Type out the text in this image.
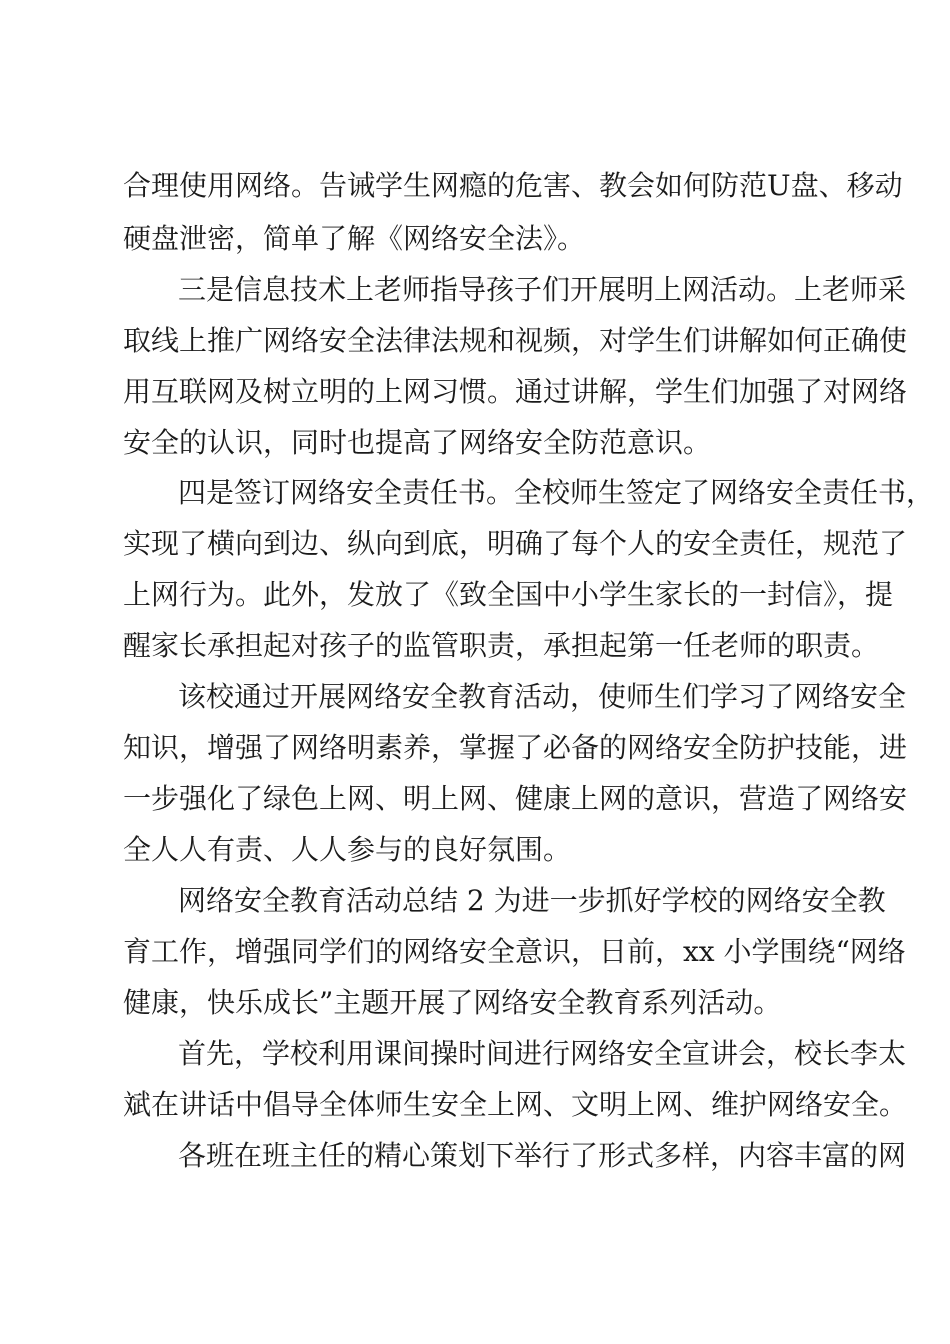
合理使用网络。告诫学生网瘾的危害、教会如何防范U盘、移动
硬盘泄密，简单了解《网络安全法》。
三是信息技术上老师指导孩子们开展明上网活动。上老师采
取线上推广网络安全法律法规和视频，对学生们讲解如何正确使
用互联网及树立明的上网习惯。通过讲解，学生们加强了对网络
安全的认识，同时也提高了网络安全防范意识。
四是签订网络安全责任书。全校师生签定了网络安全责任书，
实现了横向到边、纵向到底，明确了每个人的安全责任，规范了
上网行为。此外，发放了《致全国中小学生家长的一封信》，提
醒家长承担起对孩子的监管职责，承担起第一任老师的职责。
该校通过开展网络安全教育活动，使师生们学习了网络安全
知识，增强了网络明素养，掌握了必备的网络安全防护技能，进
一步强化了绿色上网、明上网、健康上网的意识，营造了网络安
全人人有责、人人参与的良好氛围。
网络安全教育活动总结 2 为进一步抓好学校的网络安全教
育工作，增强同学们的网络安全意识，日前，xx 小学围绕“网络
健康，快乐成长”主题开展了网络安全教育系列活动。
首先，学校利用课间操时间进行网络安全宣讲会，校长李太
斌在讲话中倡导全体师生安全上网、文明上网、维护网络安全。
各班在班主任的精心策划下举行了形式多样，内容丰富的网
